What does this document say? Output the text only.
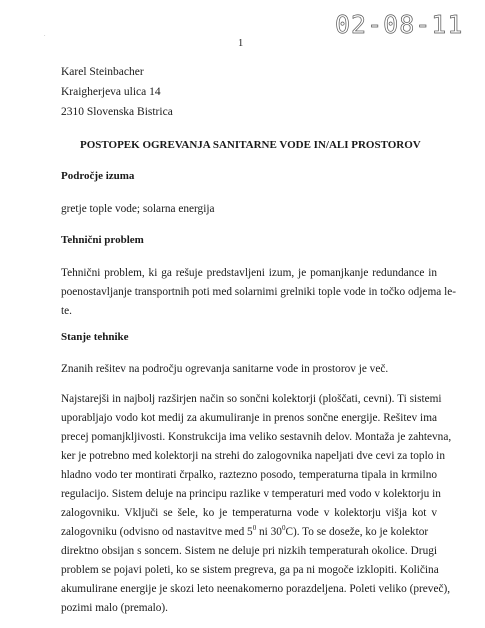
02-08-11
.
1
Karel Steinbacher
Kraigherjeva ulica 14
2310 Slovenska Bistrica
POSTOPEK OGREVANJA SANITARNE VODE IN/ALI PROSTOROV
Področje izuma
gretje tople vode; solarna energija
Tehnični problem
Tehnični problem, ki ga rešuje predstavljeni izum, je pomanjkanje redundance in
poenostavljanje transportnih poti med solarnimi grelniki tople vode in točko odjema le-
te.
Stanje tehnike
Znanih rešitev na področju ogrevanja sanitarne vode in prostorov je več.
Najstarejši in najbolj razširjen način so sončni kolektorji (ploščati, cevni). Ti sistemi
uporabljajo vodo kot medij za akumuliranje in prenos sončne energije. Rešitev ima
precej pomanjkljivosti. Konstrukcija ima veliko sestavnih delov. Montaža je zahtevna,
ker je potrebno med kolektorji na strehi do zalogovnika napeljati dve cevi za toplo in
hladno vodo ter montirati črpalko, raztezno posodo, temperaturna tipala in krmilno
regulacijo. Sistem deluje na principu razlike v temperaturi med vodo v kolektorju in
zalogovniku. Vključi se šele, ko je temperaturna vode v kolektorju višja kot v
zalogovniku (odvisno od nastavitve med $5^0$ ni $30^0C$). To se doseže, ko je kolektor
direktno obsijan s soncem. Sistem ne deluje pri nizkih temperaturah okolice. Drugi
problem se pojavi poleti, ko se sistem pregreva, ga pa ni mogoče izklopiti. Količina
akumulirane energije je skozi leto neenakomerno porazdeljena. Poleti veliko (preveč),
pozimi malo (premalo).
